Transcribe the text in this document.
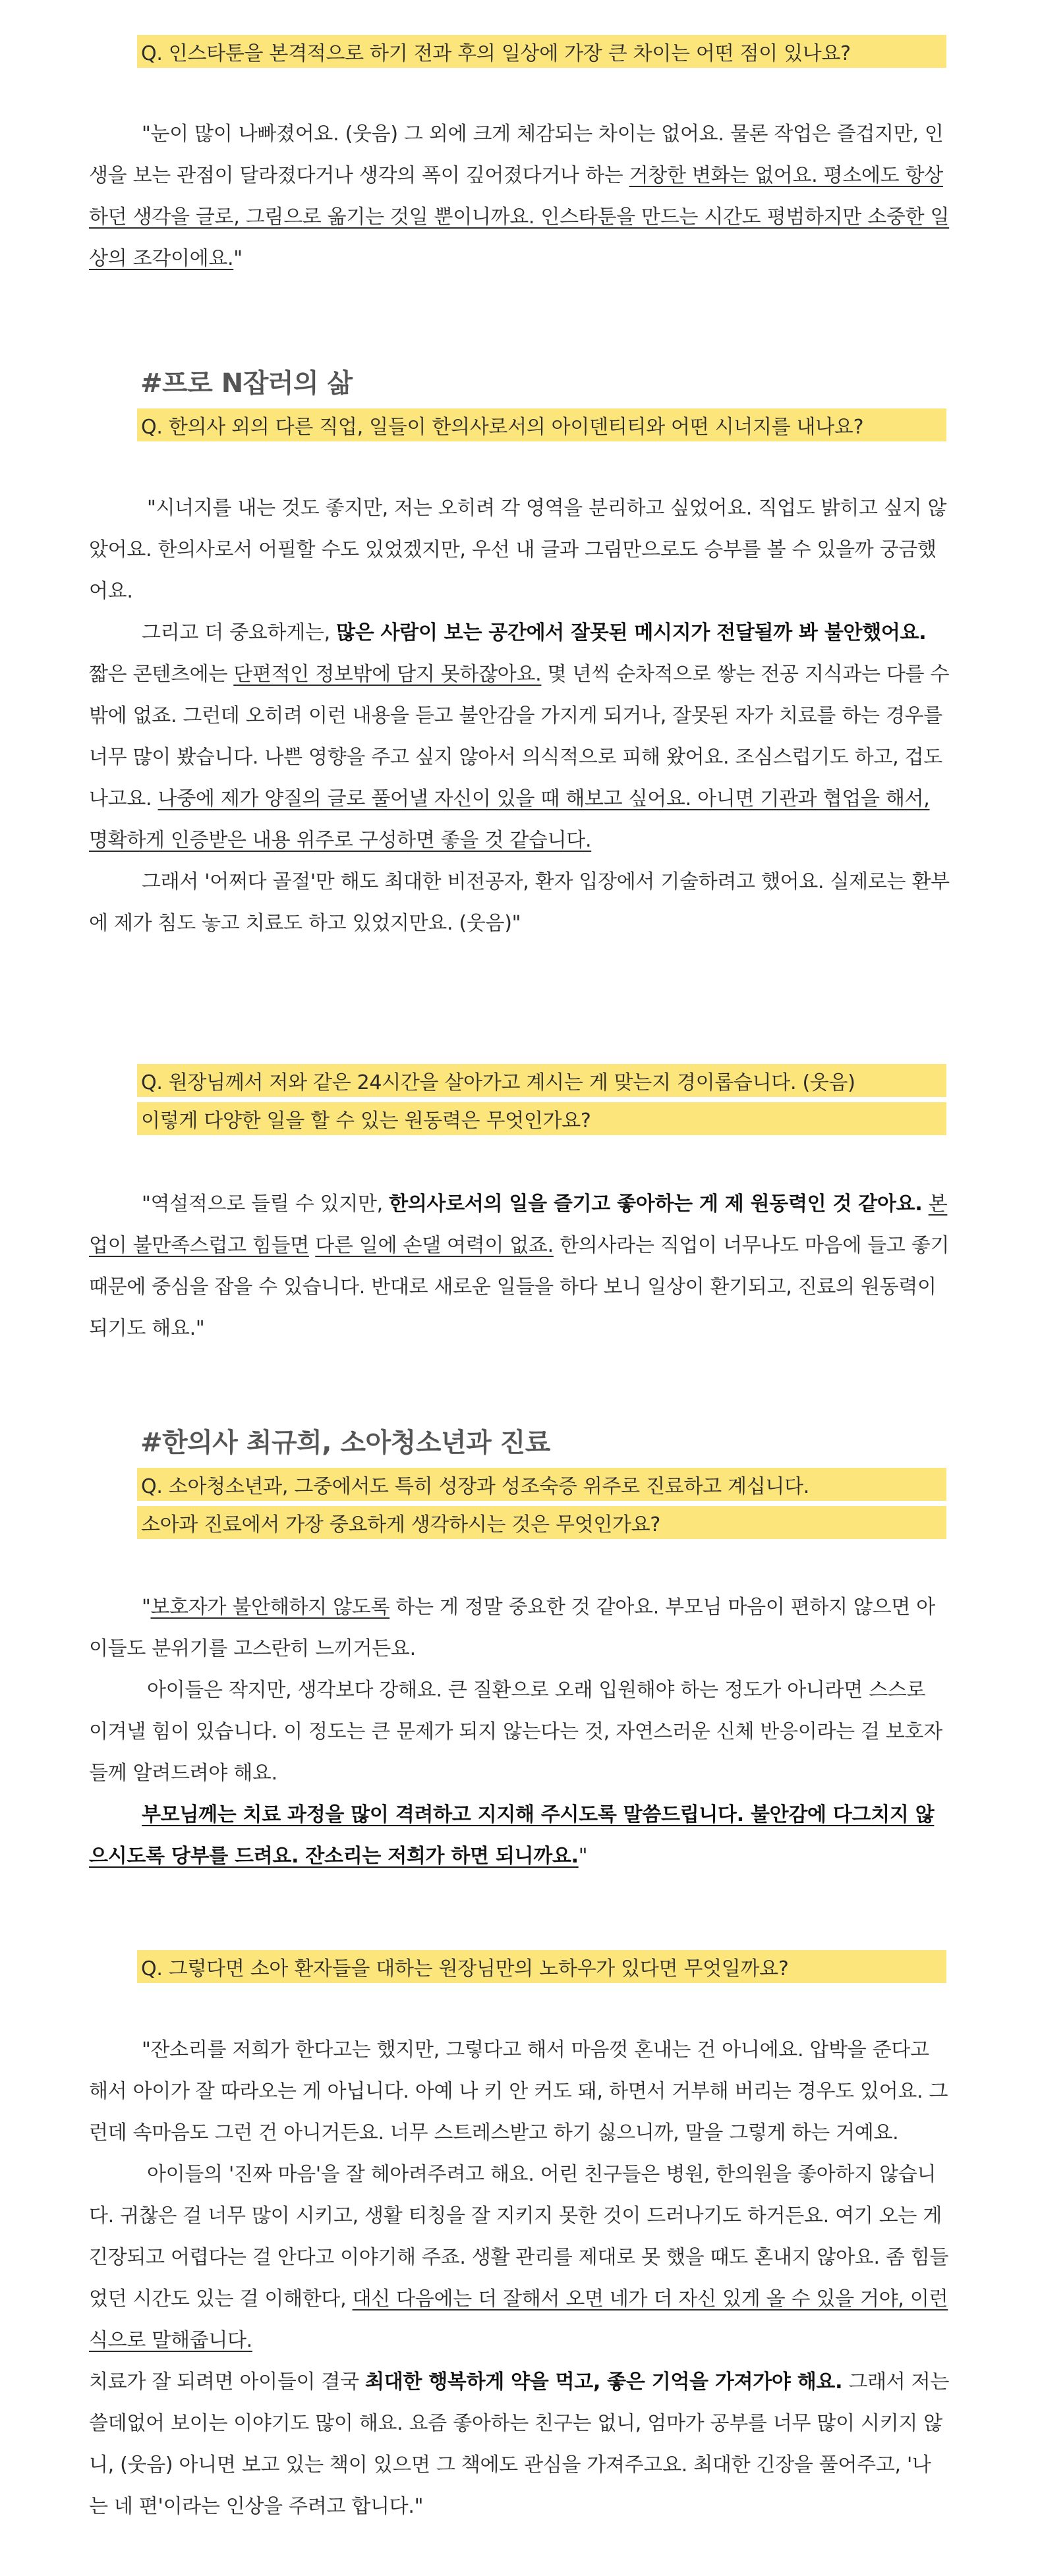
Q. 인스타툰을 본격적으로 하기 전과 후의 일상에 가장 큰 차이는 어떤 점이 있나요?
"눈이 많이 나빠졌어요. (웃음) 그 외에 크게 체감되는 차이는 없어요. 물론 작업은 즐겁지만, 인생을 보는 관점이 달라졌다거나 생각의 폭이 깊어졌다거나 하는 거창한 변화는 없어요. 평소에도 항상 하던 생각을 글로, 그림으로 옮기는 것일 뿐이니까요. 인스타툰을 만드는 시간도 평범하지만 소중한 일상의 조각이에요."
#프로 N잡러의 삶
Q. 한의사 외의 다른 직업, 일들이 한의사로서의 아이덴티티와 어떤 시너지를 내나요?
"시너지를 내는 것도 좋지만, 저는 오히려 각 영역을 분리하고 싶었어요. 직업도 밝히고 싶지 않았어요. 한의사로서 어필할 수도 있었겠지만, 우선 내 글과 그림만으로도 승부를 볼 수 있을까 궁금했어요.
그리고 더 중요하게는, 많은 사람이 보는 공간에서 잘못된 메시지가 전달될까 봐 불안했어요. 짧은 콘텐츠에는 단편적인 정보밖에 담지 못하잖아요. 몇 년씩 순차적으로 쌓는 전공 지식과는 다를 수밖에 없죠. 그런데 오히려 이런 내용을 듣고 불안감을 가지게 되거나, 잘못된 자가 치료를 하는 경우를 너무 많이 봤습니다. 나쁜 영향을 주고 싶지 않아서 의식적으로 피해 왔어요. 조심스럽기도 하고, 겁도 나고요. 나중에 제가 양질의 글로 풀어낼 자신이 있을 때 해보고 싶어요. 아니면 기관과 협업을 해서, 명확하게 인증받은 내용 위주로 구성하면 좋을 것 같습니다.
그래서 '어쩌다 골절'만 해도 최대한 비전공자, 환자 입장에서 기술하려고 했어요. 실제로는 환부에 제가 침도 놓고 치료도 하고 있었지만요. (웃음)"
Q. 원장님께서 저와 같은 24시간을 살아가고 계시는 게 맞는지 경이롭습니다. (웃음)
이렇게 다양한 일을 할 수 있는 원동력은 무엇인가요?
"역설적으로 들릴 수 있지만, 한의사로서의 일을 즐기고 좋아하는 게 제 원동력인 것 같아요. 본업이 불만족스럽고 힘들면 다른 일에 손댈 여력이 없죠. 한의사라는 직업이 너무나도 마음에 들고 좋기 때문에 중심을 잡을 수 있습니다. 반대로 새로운 일들을 하다 보니 일상이 환기되고, 진료의 원동력이 되기도 해요."
#한의사 최규희, 소아청소년과 진료
Q. 소아청소년과, 그중에서도 특히 성장과 성조숙증 위주로 진료하고 계십니다.
소아과 진료에서 가장 중요하게 생각하시는 것은 무엇인가요?
"보호자가 불안해하지 않도록 하는 게 정말 중요한 것 같아요. 부모님 마음이 편하지 않으면 아이들도 분위기를 고스란히 느끼거든요.
아이들은 작지만, 생각보다 강해요. 큰 질환으로 오래 입원해야 하는 정도가 아니라면 스스로 이겨낼 힘이 있습니다. 이 정도는 큰 문제가 되지 않는다는 것, 자연스러운 신체 반응이라는 걸 보호자들께 알려드려야 해요.
부모님께는 치료 과정을 많이 격려하고 지지해 주시도록 말씀드립니다. 불안감에 다그치지 않으시도록 당부를 드려요. 잔소리는 저희가 하면 되니까요."
Q. 그렇다면 소아 환자들을 대하는 원장님만의 노하우가 있다면 무엇일까요?
"잔소리를 저희가 한다고는 했지만, 그렇다고 해서 마음껏 혼내는 건 아니에요. 압박을 준다고 해서 아이가 잘 따라오는 게 아닙니다. 아예 나 키 안 커도 돼, 하면서 거부해 버리는 경우도 있어요. 그런데 속마음도 그런 건 아니거든요. 너무 스트레스받고 하기 싫으니까, 말을 그렇게 하는 거예요.
아이들의 '진짜 마음'을 잘 헤아려주려고 해요. 어린 친구들은 병원, 한의원을 좋아하지 않습니다. 귀찮은 걸 너무 많이 시키고, 생활 티칭을 잘 지키지 못한 것이 드러나기도 하거든요. 여기 오는 게 긴장되고 어렵다는 걸 안다고 이야기해 주죠. 생활 관리를 제대로 못 했을 때도 혼내지 않아요. 좀 힘들었던 시간도 있는 걸 이해한다, 대신 다음에는 더 잘해서 오면 네가 더 자신 있게 올 수 있을 거야, 이런 식으로 말해줍니다.
치료가 잘 되려면 아이들이 결국 최대한 행복하게 약을 먹고, 좋은 기억을 가져가야 해요. 그래서 저는 쓸데없어 보이는 이야기도 많이 해요. 요즘 좋아하는 친구는 없니, 엄마가 공부를 너무 많이 시키지 않니, (웃음) 아니면 보고 있는 책이 있으면 그 책에도 관심을 가져주고요. 최대한 긴장을 풀어주고, '나는 네 편'이라는 인상을 주려고 합니다."
